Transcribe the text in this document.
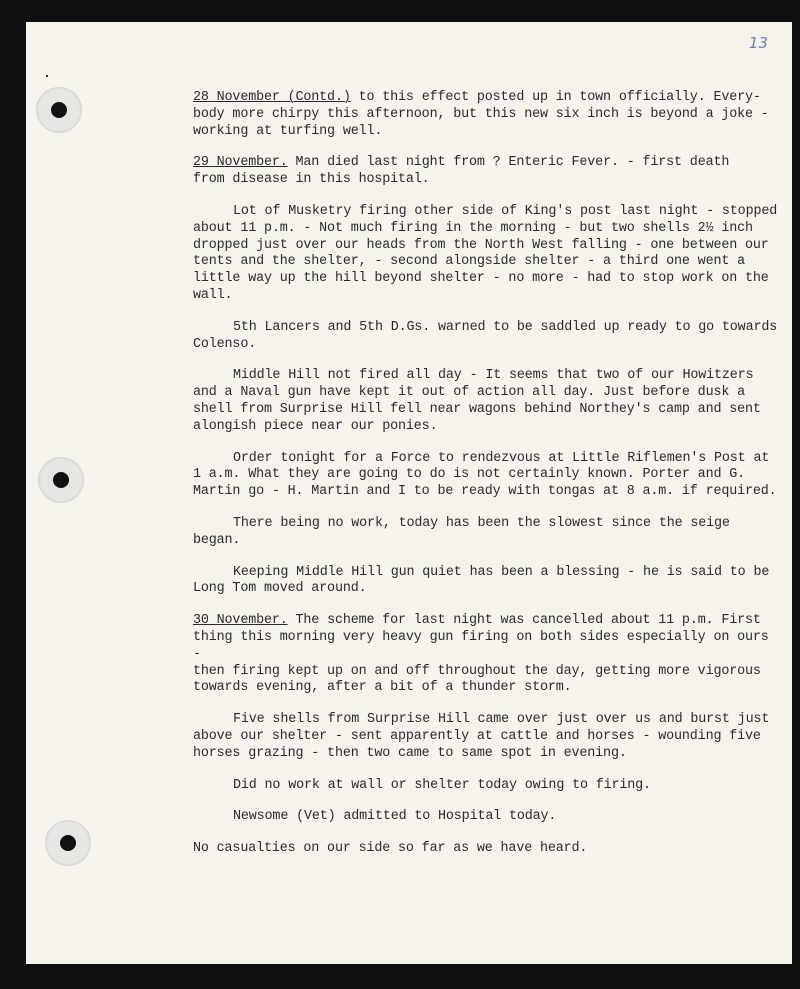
13

28 November (Contd.) to this effect posted up in town officially. Every-
body more chirpy this afternoon, but this new six inch is beyond a joke -
working at turfing well.

29 November. Man died last night from ? Enteric Fever. - first death
from disease in this hospital.

Lot of Musketry firing other side of King's post last night - stopped
about 11 p.m. - Not much firing in the morning - but two shells 2½ inch
dropped just over our heads from the North West falling - one between our
tents and the shelter, - second alongside shelter - a third one went a
little way up the hill beyond shelter - no more - had to stop work on the
wall.

5th Lancers and 5th D.Gs. warned to be saddled up ready to go towards
Colenso.

Middle Hill not fired all day - It seems that two of our Howitzers
and a Naval gun have kept it out of action all day. Just before dusk a
shell from Surprise Hill fell near wagons behind Northey's camp and sent
alongish piece near our ponies.

Order tonight for a Force to rendezvous at Little Riflemen's Post at
1 a.m. What they are going to do is not certainly known. Porter and G.
Martin go - H. Martin and I to be ready with tongas at 8 a.m. if required.

There being no work, today has been the slowest since the seige began.

Keeping Middle Hill gun quiet has been a blessing - he is said to be
Long Tom moved around.

30 November. The scheme for last night was cancelled about 11 p.m. First
thing this morning very heavy gun firing on both sides especially on ours -
then firing kept up on and off throughout the day, getting more vigorous
towards evening, after a bit of a thunder storm.

Five shells from Surprise Hill came over just over us and burst just
above our shelter - sent apparently at cattle and horses - wounding five
horses grazing - then two came to same spot in evening.

Did no work at wall or shelter today owing to firing.

Newsome (Vet) admitted to Hospital today.

No casualties on our side so far as we have heard.
